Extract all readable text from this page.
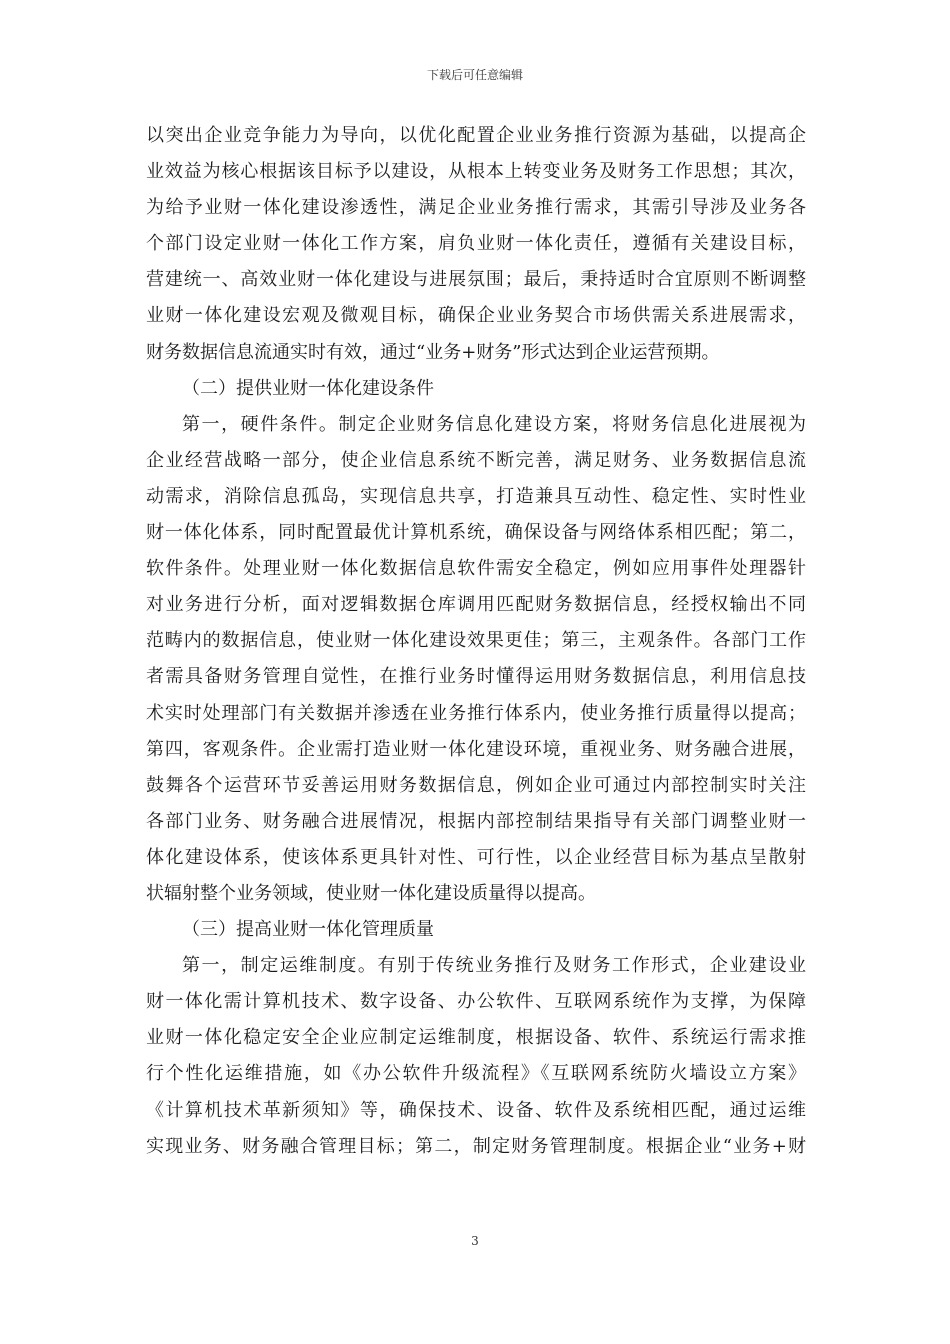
下载后可任意编辑
以突出企业竞争能力为导向，以优化配置企业业务推行资源为基础，以提高企
业效益为核心根据该目标予以建设，从根本上转变业务及财务工作思想；其次，
为给予业财一体化建设渗透性，满足企业业务推行需求，其需引导涉及业务各
个部门设定业财一体化工作方案，肩负业财一体化责任，遵循有关建设目标，
营建统一、高效业财一体化建设与进展氛围；最后，秉持适时合宜原则不断调整
业财一体化建设宏观及微观目标，确保企业业务契合市场供需关系进展需求，
财务数据信息流通实时有效，通过“业务+财务”形式达到企业运营预期。
（二）提供业财一体化建设条件
第一，硬件条件。制定企业财务信息化建设方案，将财务信息化进展视为
企业经营战略一部分，使企业信息系统不断完善，满足财务、业务数据信息流
动需求，消除信息孤岛，实现信息共享，打造兼具互动性、稳定性、实时性业
财一体化体系，同时配置最优计算机系统，确保设备与网络体系相匹配；第二，
软件条件。处理业财一体化数据信息软件需安全稳定，例如应用事件处理器针
对业务进行分析，面对逻辑数据仓库调用匹配财务数据信息，经授权输出不同
范畴内的数据信息，使业财一体化建设效果更佳；第三，主观条件。各部门工作
者需具备财务管理自觉性，在推行业务时懂得运用财务数据信息，利用信息技
术实时处理部门有关数据并渗透在业务推行体系内，使业务推行质量得以提高；
第四，客观条件。企业需打造业财一体化建设环境，重视业务、财务融合进展，
鼓舞各个运营环节妥善运用财务数据信息，例如企业可通过内部控制实时关注
各部门业务、财务融合进展情况，根据内部控制结果指导有关部门调整业财一
体化建设体系，使该体系更具针对性、可行性，以企业经营目标为基点呈散射
状辐射整个业务领域，使业财一体化建设质量得以提高。
（三）提高业财一体化管理质量
第一，制定运维制度。有别于传统业务推行及财务工作形式，企业建设业
财一体化需计算机技术、数字设备、办公软件、互联网系统作为支撑，为保障
业财一体化稳定安全企业应制定运维制度，根据设备、软件、系统运行需求推
行个性化运维措施，如《办公软件升级流程》《互联网系统防火墙设立方案》
《计算机技术革新须知》等，确保技术、设备、软件及系统相匹配，通过运维
实现业务、财务融合管理目标；第二，制定财务管理制度。根据企业“业务+财
3
